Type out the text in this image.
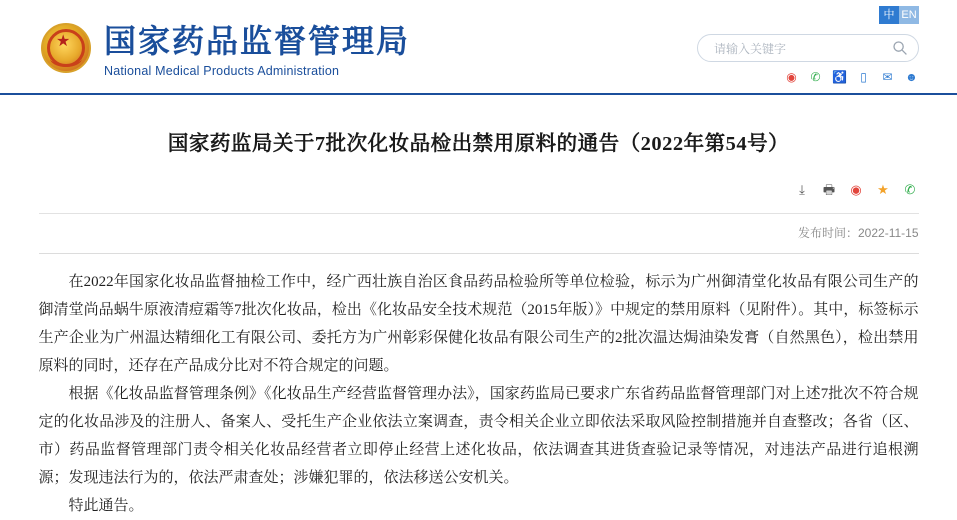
★ 国家药品监督管理局
National Medical Products Administration
中 EN
请输入关键字
◉ ✆ ♿	▯	✉ ☻
国家药监局关于7批次化妆品检出禁用原料的通告（2022年第54号）
⤓	🖶 ◉ ★ ✆
发布时间：2022-11-15

在2022年国家化妆品监督抽检工作中，经广西壮族自治区食品药品检验所等单位检验，标示为广州御清堂化妆品有限公司生产的御清堂尚品蜗牛原液清痘霜等7批次化妆品，检出《化妆品安全技术规范（2015年版）》中规定的禁用原料（见附件）。其中，标签标示生产企业为广州温达精细化工有限公司、委托方为广州彰彩保健化妆品有限公司生产的2批次温达焗油染发膏（自然黑色），检出禁用原料的同时，还存在产品成分比对不符合规定的问题。

根据《化妆品监督管理条例》《化妆品生产经营监督管理办法》，国家药监局已要求广东省药品监督管理部门对上述7批次不符合规定的化妆品涉及的注册人、备案人、受托生产企业依法立案调查，责令相关企业立即依法采取风险控制措施并自查整改；各省（区、市）药品监督管理部门责令相关化妆品经营者立即停止经营上述化妆品，依法调查其进货查验记录等情况，对违法产品进行追根溯源；发现违法行为的，依法严肃查处；涉嫌犯罪的，依法移送公安机关。

特此通告。
